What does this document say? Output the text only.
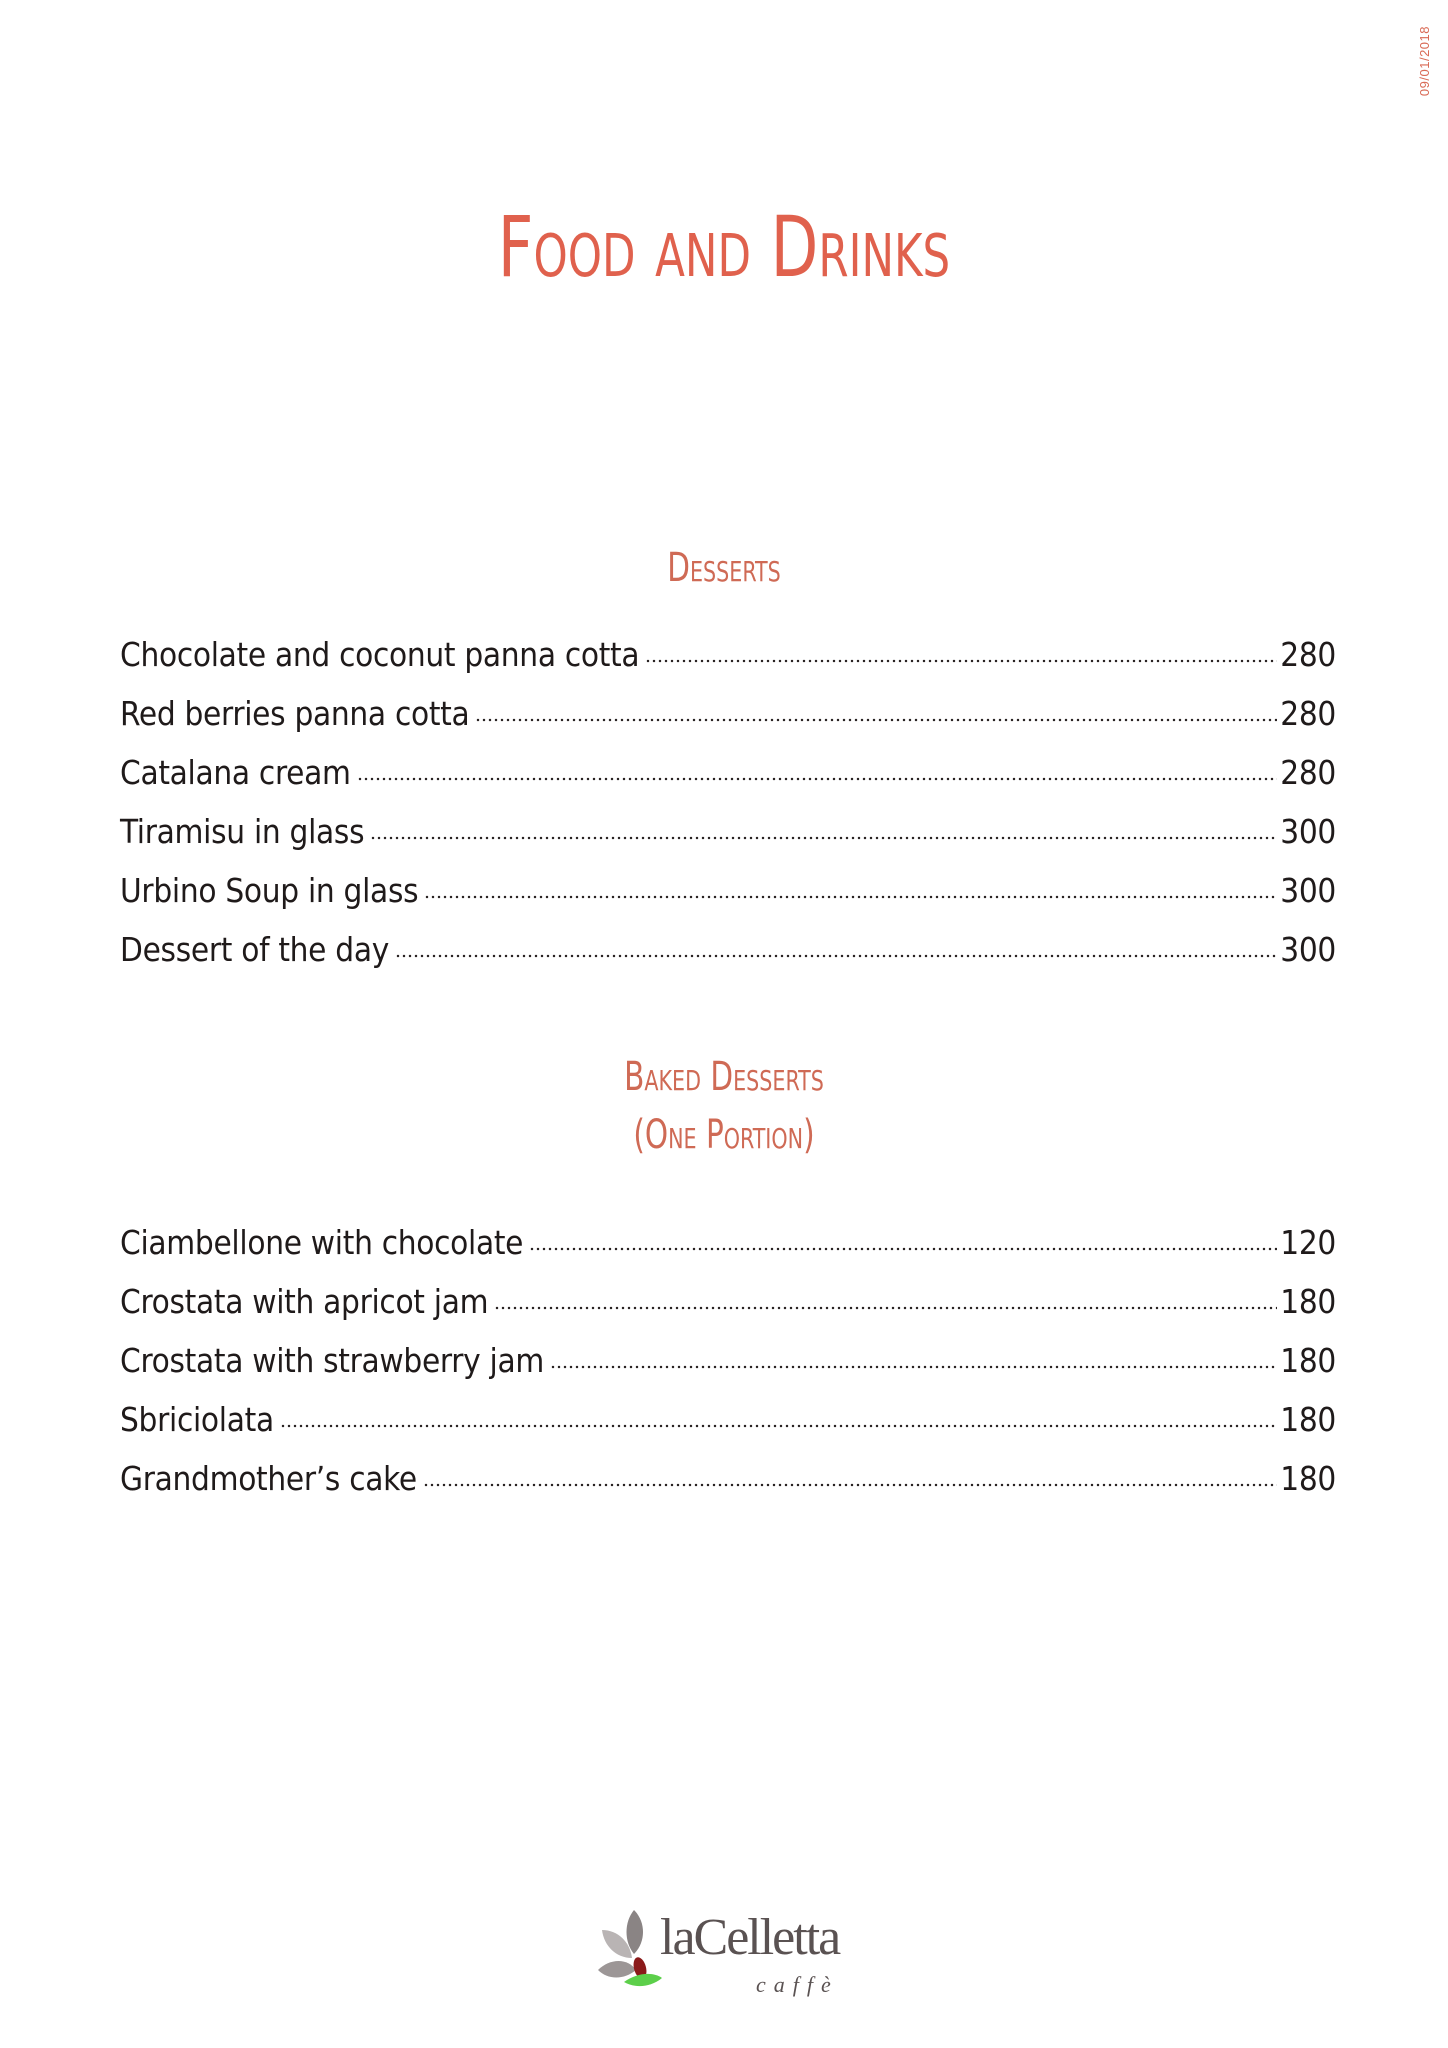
09/01/2018
Food and Drinks
Desserts
Chocolate and coconut panna cotta	280
Red berries panna cotta	280
Catalana cream	280
Tiramisu in glass	300
Urbino Soup in glass	300
Dessert of the day	300
Baked Desserts
(One Portion)
Ciambellone with chocolate	120
Crostata with apricot jam	180
Crostata with strawberry jam	180
Sbriciolata	180
Grandmother’s cake	180
laCelletta
caffè
